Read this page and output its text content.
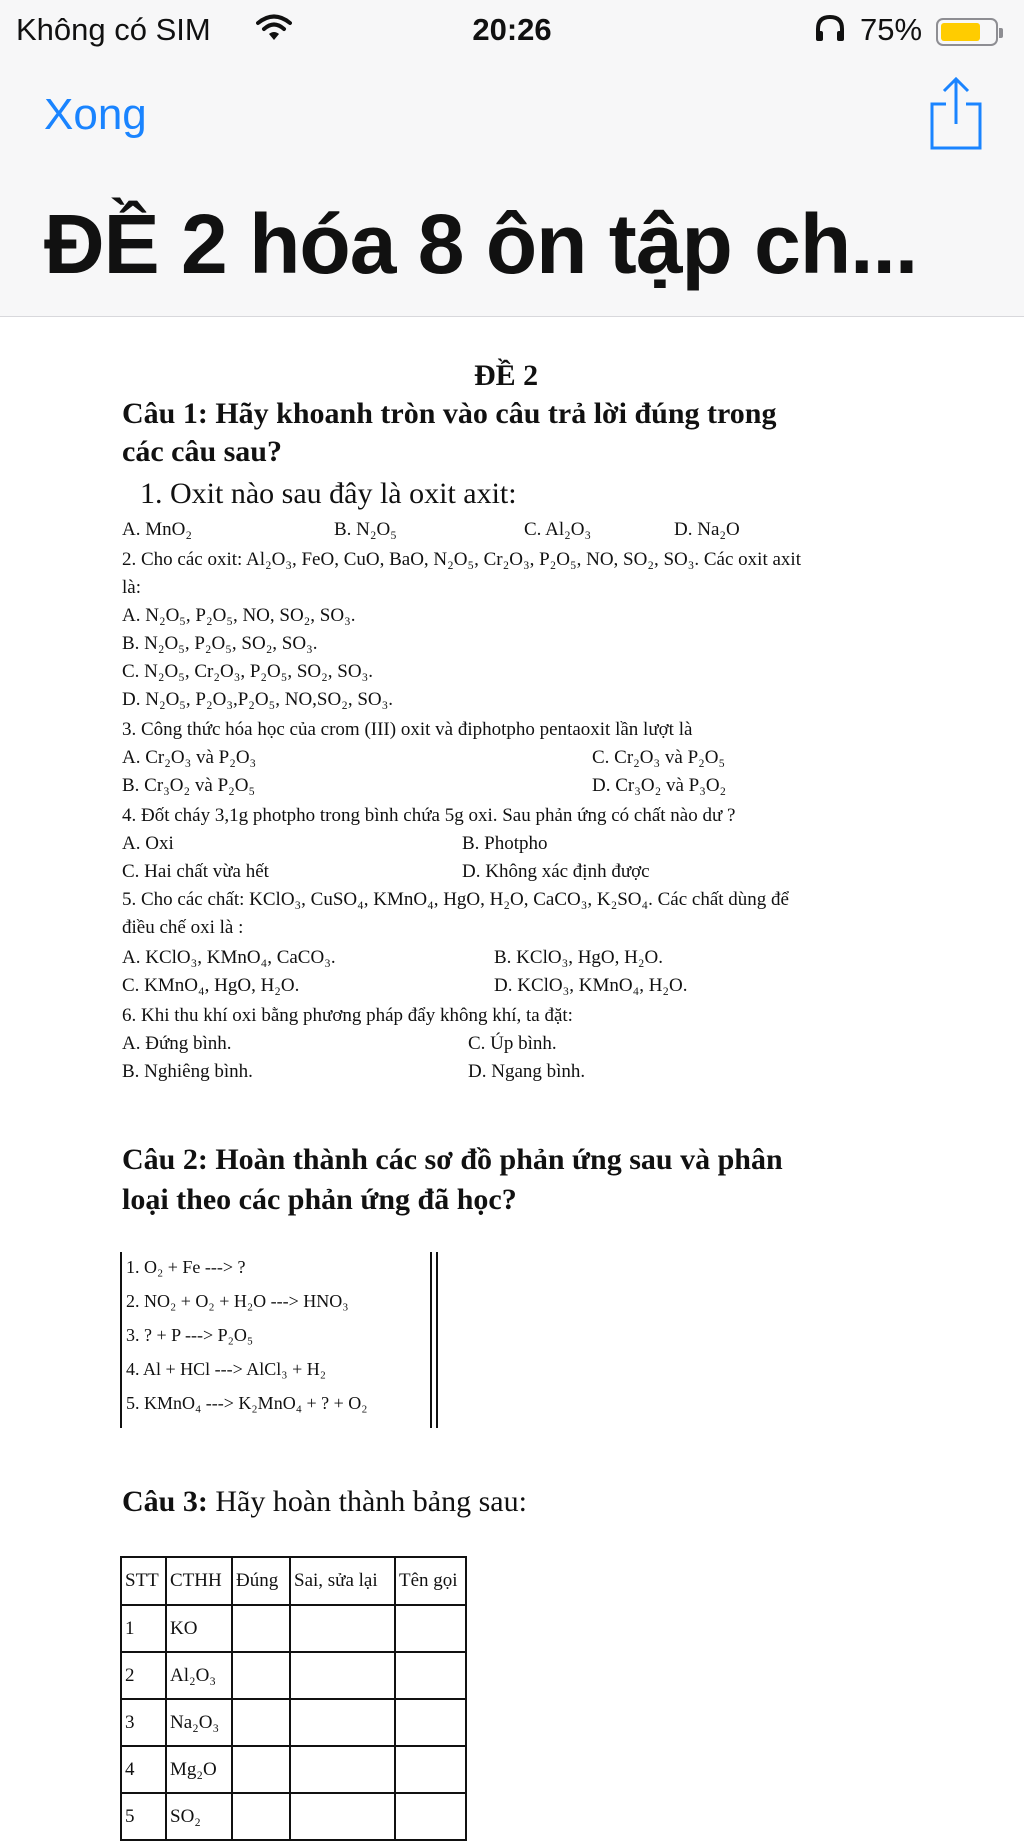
Không có SIM	20:26	75%
Xong
ĐỀ 2 hóa 8 ôn tập ch...
ĐỀ 2
Câu 1: Hãy khoanh tròn vào câu trả lời đúng trong
các câu sau?
1. Oxit nào sau đây là oxit axit:
A. MnO₂	B. N₂O₅	C. Al₂O₃	D. Na₂O
2. Cho các oxit: Al₂O₃, FeO, CuO, BaO, N₂O₅, Cr₂O₃, P₂O₅, NO, SO₂, SO₃. Các oxit axit
là:
A. N₂O₅, P₂O₅, NO, SO₂, SO₃.
B. N₂O₅, P₂O₅, SO₂, SO₃.
C. N₂O₅, Cr₂O₃, P₂O₅, SO₂, SO₃.
D. N₂O₅, P₂O₃,P₂O₅, NO,SO₂, SO₃.
3. Công thức hóa học của crom (III) oxit và điphotpho pentaoxit lần lượt là
A. Cr₂O₃ và P₂O₃	C. Cr₂O₃ và P₂O₅
B. Cr₃O₂ và P₂O₅	D. Cr₃O₂ và P₃O₂
4. Đốt cháy 3,1g photpho trong bình chứa 5g oxi. Sau phản ứng có chất nào dư ?
A. Oxi	B. Photpho
C. Hai chất vừa hết	D. Không xác định được
5. Cho các chất: KClO₃, CuSO₄, KMnO₄, HgO, H₂O, CaCO₃, K₂SO₄. Các chất dùng để
điều chế oxi là :
A. KClO₃, KMnO₄, CaCO₃.	B. KClO₃, HgO, H₂O.
C. KMnO₄, HgO, H₂O.	D. KClO₃, KMnO₄, H₂O.
6. Khi thu khí oxi bằng phương pháp đẩy không khí, ta đặt:
A. Đứng bình.	C. Úp bình.
B. Nghiêng bình.	D. Ngang bình.
Câu 2: Hoàn thành các sơ đồ phản ứng sau và phân
loại theo các phản ứng đã học?
1. O₂ + Fe ---> ?
2. NO₂ + O₂ + H₂O ---> HNO₃
3. ? + P ---> P₂O₅
4. Al + HCl ---> AlCl₃ + H₂
5. KMnO₄ ---> K₂MnO₄ + ? + O₂
Câu 3: Hãy hoàn thành bảng sau:
STT	CTHH	Đúng	Sai, sửa lại	Tên gọi
1	KO			
2	Al₂O₃			
3	Na₂O₃			
4	Mg₂O			
5	SO₂			
